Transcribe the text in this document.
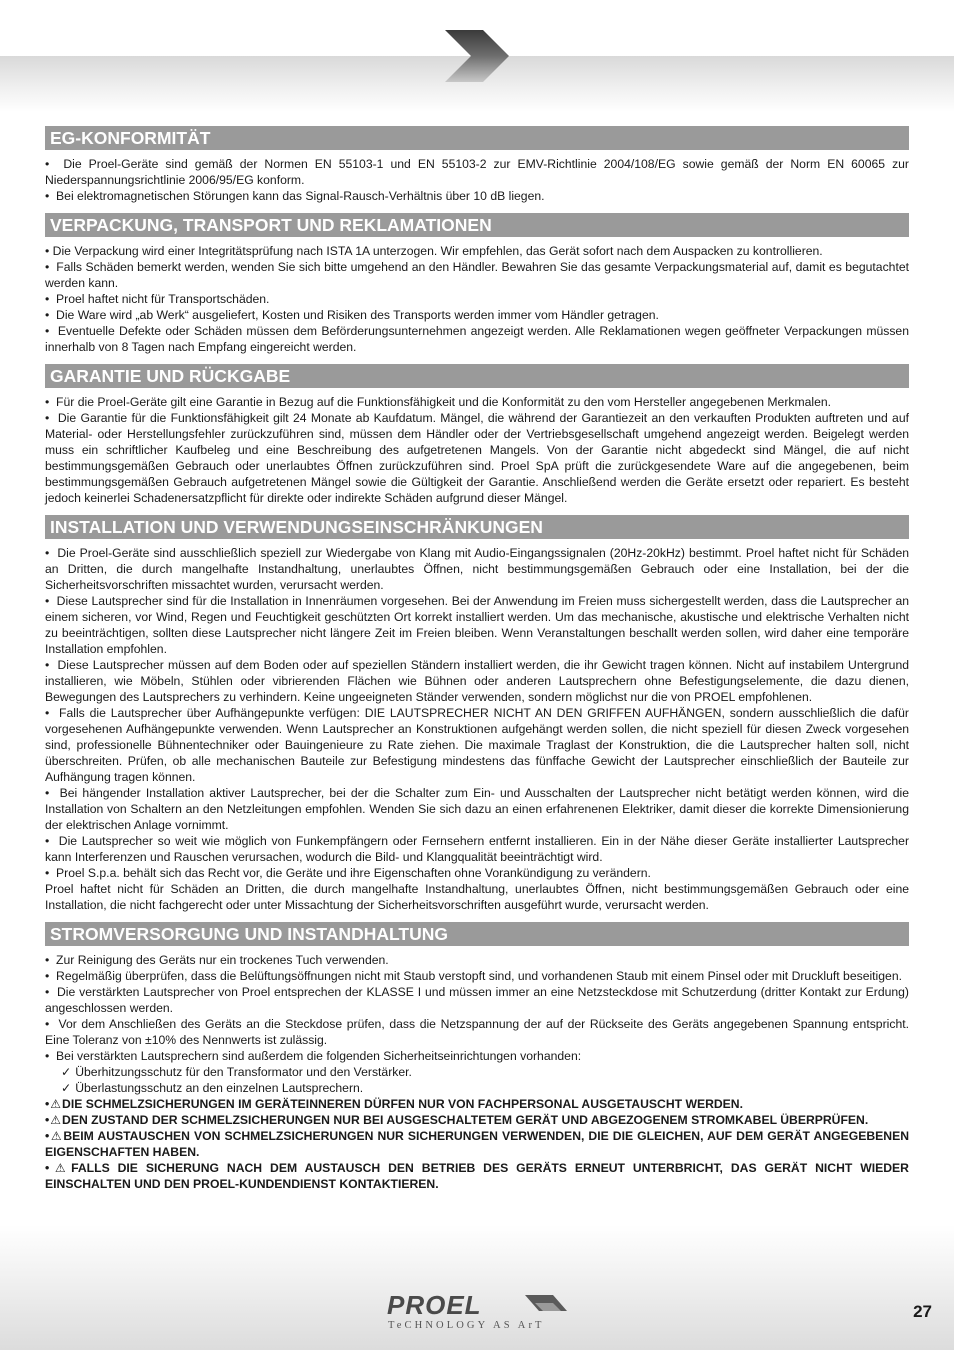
EG-KONFORMITÄT

•  Die Proel-Geräte sind gemäß der Normen EN 55103-1 und EN 55103-2 zur EMV-Richtlinie 2004/108/EG sowie gemäß der Norm EN 60065 zur Niederspannungsrichtlinie 2006/95/EG konform.

•  Bei elektromagnetischen Störungen kann das Signal-Rausch-Verhältnis über 10 dB liegen.

VERPACKUNG, TRANSPORT UND REKLAMATIONEN

• Die Verpackung wird einer Integritätsprüfung nach ISTA 1A unterzogen. Wir empfehlen, das Gerät sofort nach dem Auspacken zu kontrollieren.

•  Falls Schäden bemerkt werden, wenden Sie sich bitte umgehend an den Händler. Bewahren Sie das gesamte Verpackungsmaterial auf, damit es begutachtet werden kann.

•  Proel haftet nicht für Transportschäden.

•  Die Ware wird „ab Werk“ ausgeliefert, Kosten und Risiken des Transports werden immer vom Händler getragen.

•  Eventuelle Defekte oder Schäden müssen dem Beförderungsunternehmen angezeigt werden. Alle Reklamationen wegen geöffneter Verpackungen müssen innerhalb von 8 Tagen nach Empfang eingereicht werden.

GARANTIE UND RÜCKGABE

•  Für die Proel-Geräte gilt eine Garantie in Bezug auf die Funktionsfähigkeit und die Konformität zu den vom Hersteller angegebenen Merkmalen.

•  Die Garantie für die Funktionsfähigkeit gilt 24 Monate ab Kaufdatum. Mängel, die während der Garantiezeit an den verkauften Produkten auftreten und auf Material- oder Herstellungsfehler zurückzuführen sind, müssen dem Händler oder der Vertriebsgesellschaft umgehend angezeigt werden. Beigelegt werden muss ein schriftlicher Kaufbeleg und eine Beschreibung des aufgetretenen Mangels. Von der Garantie nicht abgedeckt sind Mängel, die auf nicht bestimmungsgemäßen Gebrauch oder unerlaubtes Öffnen zurückzuführen sind. Proel SpA prüft die zurückgesendete Ware auf die angegebenen, beim bestimmungsgemäßen Gebrauch aufgetretenen Mängel sowie die Gültigkeit der Garantie. Anschließend werden die Geräte ersetzt oder repariert. Es besteht jedoch keinerlei Schadenersatzpflicht für direkte oder indirekte Schäden aufgrund dieser Mängel.

INSTALLATION UND VERWENDUNGSEINSCHRÄNKUNGEN

•  Die Proel-Geräte sind ausschließlich speziell zur Wiedergabe von Klang mit Audio-Eingangssignalen (20Hz-20kHz) bestimmt. Proel haftet nicht für Schäden an Dritten, die durch mangelhafte Instandhaltung, unerlaubtes Öffnen, nicht bestimmungsgemäßen Gebrauch oder eine Installation, bei der die Sicherheitsvorschriften missachtet wurden, verursacht werden.

•  Diese Lautsprecher sind für die Installation in Innenräumen vorgesehen. Bei der Anwendung im Freien muss sichergestellt werden, dass die Lautsprecher an einem sicheren, vor Wind, Regen und Feuchtigkeit geschützten Ort korrekt installiert werden. Um das mechanische, akustische und elektrische Verhalten nicht zu beeinträchtigen, sollten diese Lautsprecher nicht längere Zeit im Freien bleiben. Wenn Veranstaltungen beschallt werden sollen, wird daher eine temporäre Installation empfohlen.

•  Diese Lautsprecher müssen auf dem Boden oder auf speziellen Ständern installiert werden, die ihr Gewicht tragen können. Nicht auf instabilem Untergrund installieren, wie Möbeln, Stühlen oder vibrierenden Flächen wie Bühnen oder anderen Lautsprechern ohne Befestigungselemente, die dazu dienen, Bewegungen des Lautsprechers zu verhindern. Keine ungeeigneten Ständer verwenden, sondern möglichst nur die von PROEL empfohlenen.

•  Falls die Lautsprecher über Aufhängepunkte verfügen: DIE LAUTSPRECHER NICHT AN DEN GRIFFEN AUFHÄNGEN, sondern ausschließlich die dafür vorgesehenen Aufhängepunkte verwenden. Wenn Lautsprecher an Konstruktionen aufgehängt werden sollen, die nicht speziell für diesen Zweck vorgesehen sind, professionelle Bühnentechniker oder Bauingenieure zu Rate ziehen. Die maximale Traglast der Konstruktion, die die Lautsprecher halten soll, nicht überschreiten. Prüfen, ob alle mechanischen Bauteile zur Befestigung mindestens das fünffache Gewicht der Lautsprecher einschließlich der Bauteile zur Aufhängung tragen können.

•  Bei hängender Installation aktiver Lautsprecher, bei der die Schalter zum Ein- und Ausschalten der Lautsprecher nicht betätigt werden können, wird die Installation von Schaltern an den Netzleitungen empfohlen. Wenden Sie sich dazu an einen erfahrenenen Elektriker, damit dieser die korrekte Dimensionierung der elektrischen Anlage vornimmt.

•  Die Lautsprecher so weit wie möglich von Funkempfängern oder Fernsehern entfernt installieren. Ein in der Nähe dieser Geräte installierter Lautsprecher kann Interferenzen und Rauschen verursachen, wodurch die Bild- und Klangqualität beeinträchtigt wird.

•  Proel S.p.a. behält sich das Recht vor, die Geräte und ihre Eigenschaften ohne Vorankündigung zu verändern.

Proel haftet nicht für Schäden an Dritten, die durch mangelhafte Instandhaltung, unerlaubtes Öffnen, nicht bestimmungsgemäßen Gebrauch oder eine Installation, die nicht fachgerecht oder unter Missachtung der Sicherheitsvorschriften ausgeführt wurde, verursacht werden.

STROMVERSORGUNG UND INSTANDHALTUNG

•  Zur Reinigung des Geräts nur ein trockenes Tuch verwenden.

•  Regelmäßig überprüfen, dass die Belüftungsöffnungen nicht mit Staub verstopft sind, und vorhandenen Staub mit einem Pinsel oder mit Druckluft beseitigen.

•  Die verstärkten Lautsprecher von Proel entsprechen der KLASSE I und müssen immer an eine Netzsteckdose mit Schutzerdung (dritter Kontakt zur Erdung) angeschlossen werden.

•  Vor dem Anschließen des Geräts an die Steckdose prüfen, dass die Netzspannung der auf der Rückseite des Geräts angegebenen Spannung entspricht. Eine Toleranz von ±10% des Nennwerts ist zulässig.

•  Bei verstärkten Lautsprechern sind außerdem die folgenden Sicherheitseinrichtungen vorhanden:

✓ Überhitzungsschutz für den Transformator und den Verstärker.

✓ Überlastungsschutz an den einzelnen Lautsprechern.

•⚠DIE SCHMELZSICHERUNGEN IM GERÄTEINNEREN DÜRFEN NUR VON FACHPERSONAL AUSGETAUSCHT WERDEN.

•⚠DEN ZUSTAND DER SCHMELZSICHERUNGEN NUR BEI AUSGESCHALTETEM GERÄT UND ABGEZOGENEM STROMKABEL ÜBERPRÜFEN.

•⚠BEIM AUSTAUSCHEN VON SCHMELZSICHERUNGEN NUR SICHERUNGEN VERWENDEN, DIE DIE GLEICHEN, AUF DEM GERÄT ANGEGEBENEN EIGENSCHAFTEN HABEN.

•⚠FALLS DIE SICHERUNG NACH DEM AUSTAUSCH DEN BETRIEB DES GERÄTS ERNEUT UNTERBRICHT, DAS GERÄT NICHT WIEDER EINSCHALTEN UND DEN PROEL-KUNDENDIENST KONTAKTIEREN.

PROEL
TeCHNOLOGY AS ArT
27
